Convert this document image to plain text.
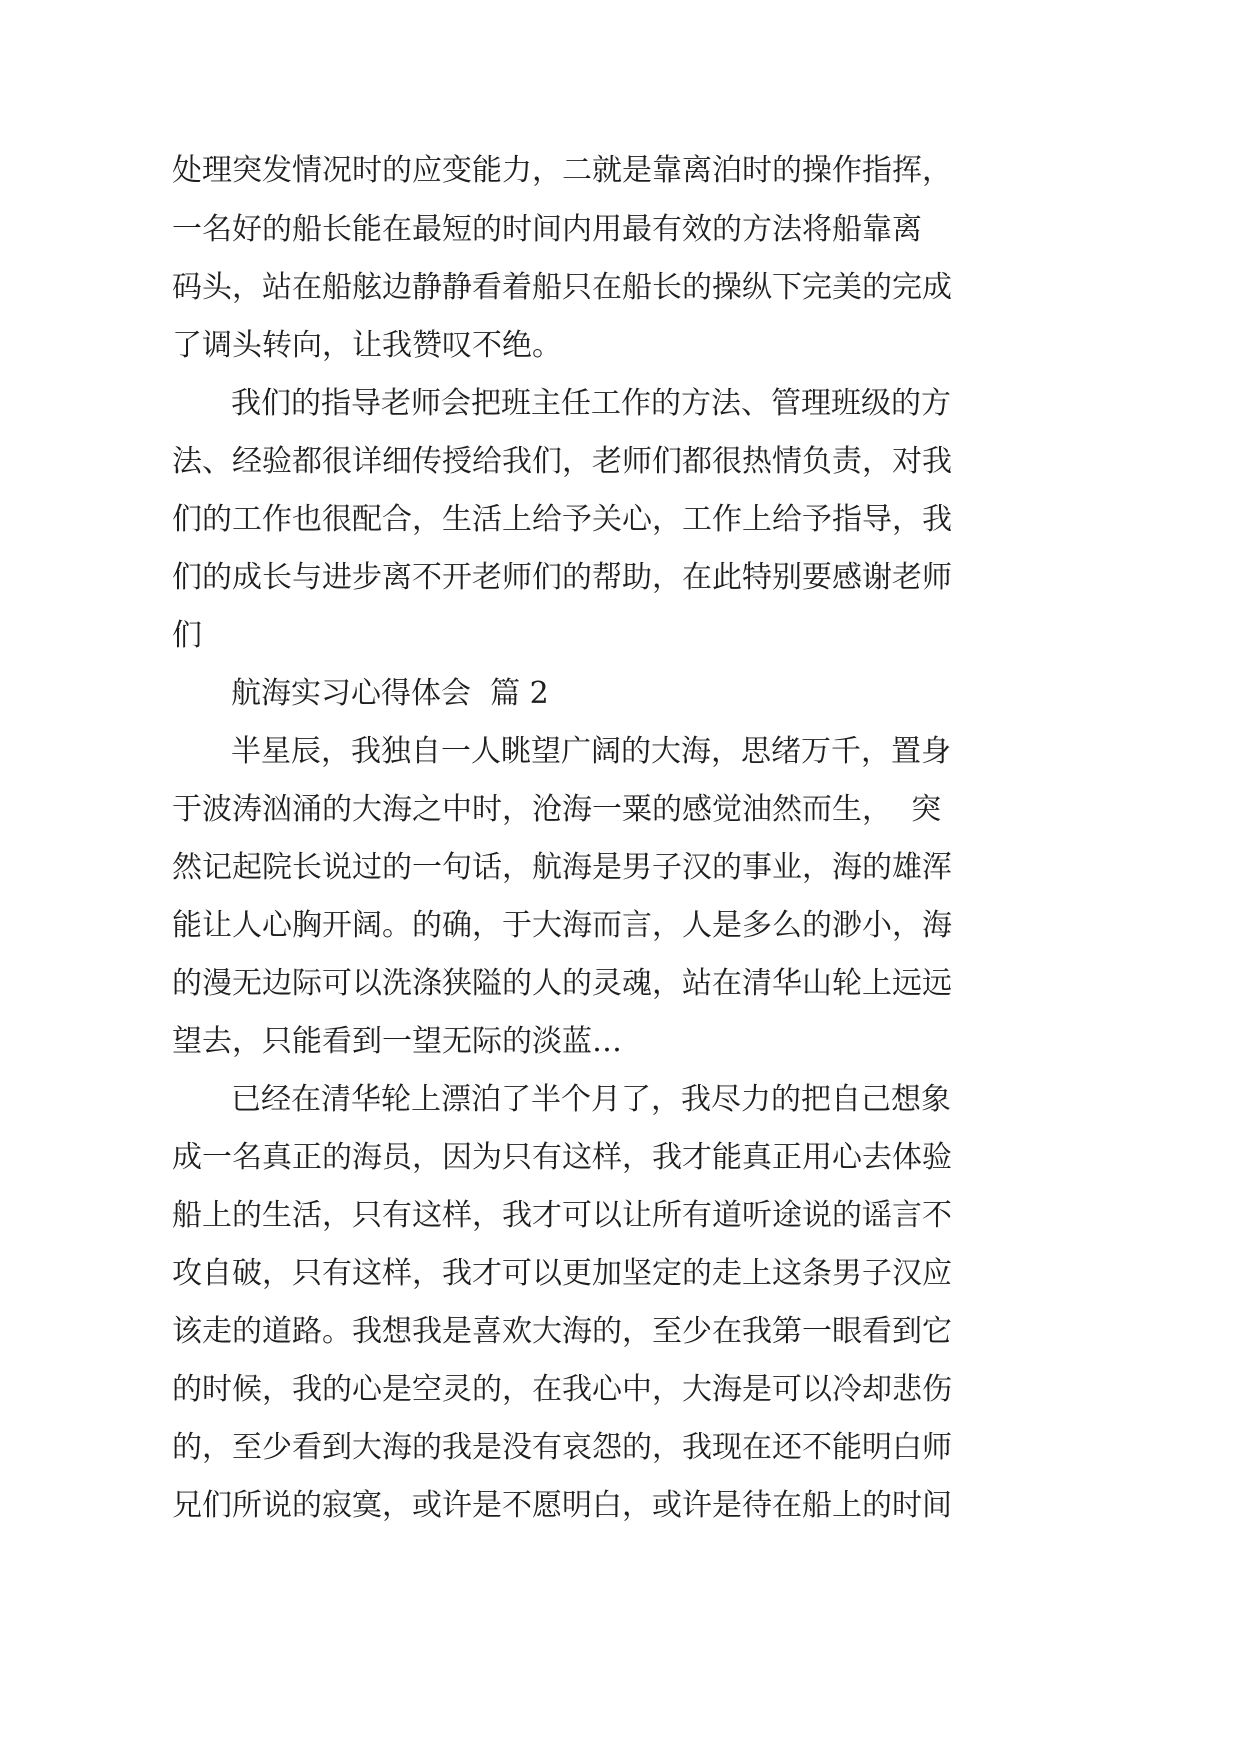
处理突发情况时的应变能力，二就是靠离泊时的操作指挥，
一名好的船长能在最短的时间内用最有效的方法将船靠离
码头，站在船舷边静静看着船只在船长的操纵下完美的完成
了调头转向，让我赞叹不绝。
我们的指导老师会把班主任工作的方法、管理班级的方
法、经验都很详细传授给我们，老师们都很热情负责，对我
们的工作也很配合，生活上给予关心，工作上给予指导，我
们的成长与进步离不开老师们的帮助，在此特别要感谢老师
们
航海实习心得体会  篇 2
半星辰，我独自一人眺望广阔的大海，思绪万千，置身
于波涛汹涌的大海之中时，沧海一粟的感觉油然而生，  突
然记起院长说过的一句话，航海是男子汉的事业，海的雄浑
能让人心胸开阔。的确，于大海而言，人是多么的渺小，海
的漫无边际可以洗涤狭隘的人的灵魂，站在清华山轮上远远
望去，只能看到一望无际的淡蓝…
已经在清华轮上漂泊了半个月了，我尽力的把自己想象
成一名真正的海员，因为只有这样，我才能真正用心去体验
船上的生活，只有这样，我才可以让所有道听途说的谣言不
攻自破，只有这样，我才可以更加坚定的走上这条男子汉应
该走的道路。我想我是喜欢大海的，至少在我第一眼看到它
的时候，我的心是空灵的，在我心中，大海是可以冷却悲伤
的，至少看到大海的我是没有哀怨的，我现在还不能明白师
兄们所说的寂寞，或许是不愿明白，或许是待在船上的时间
